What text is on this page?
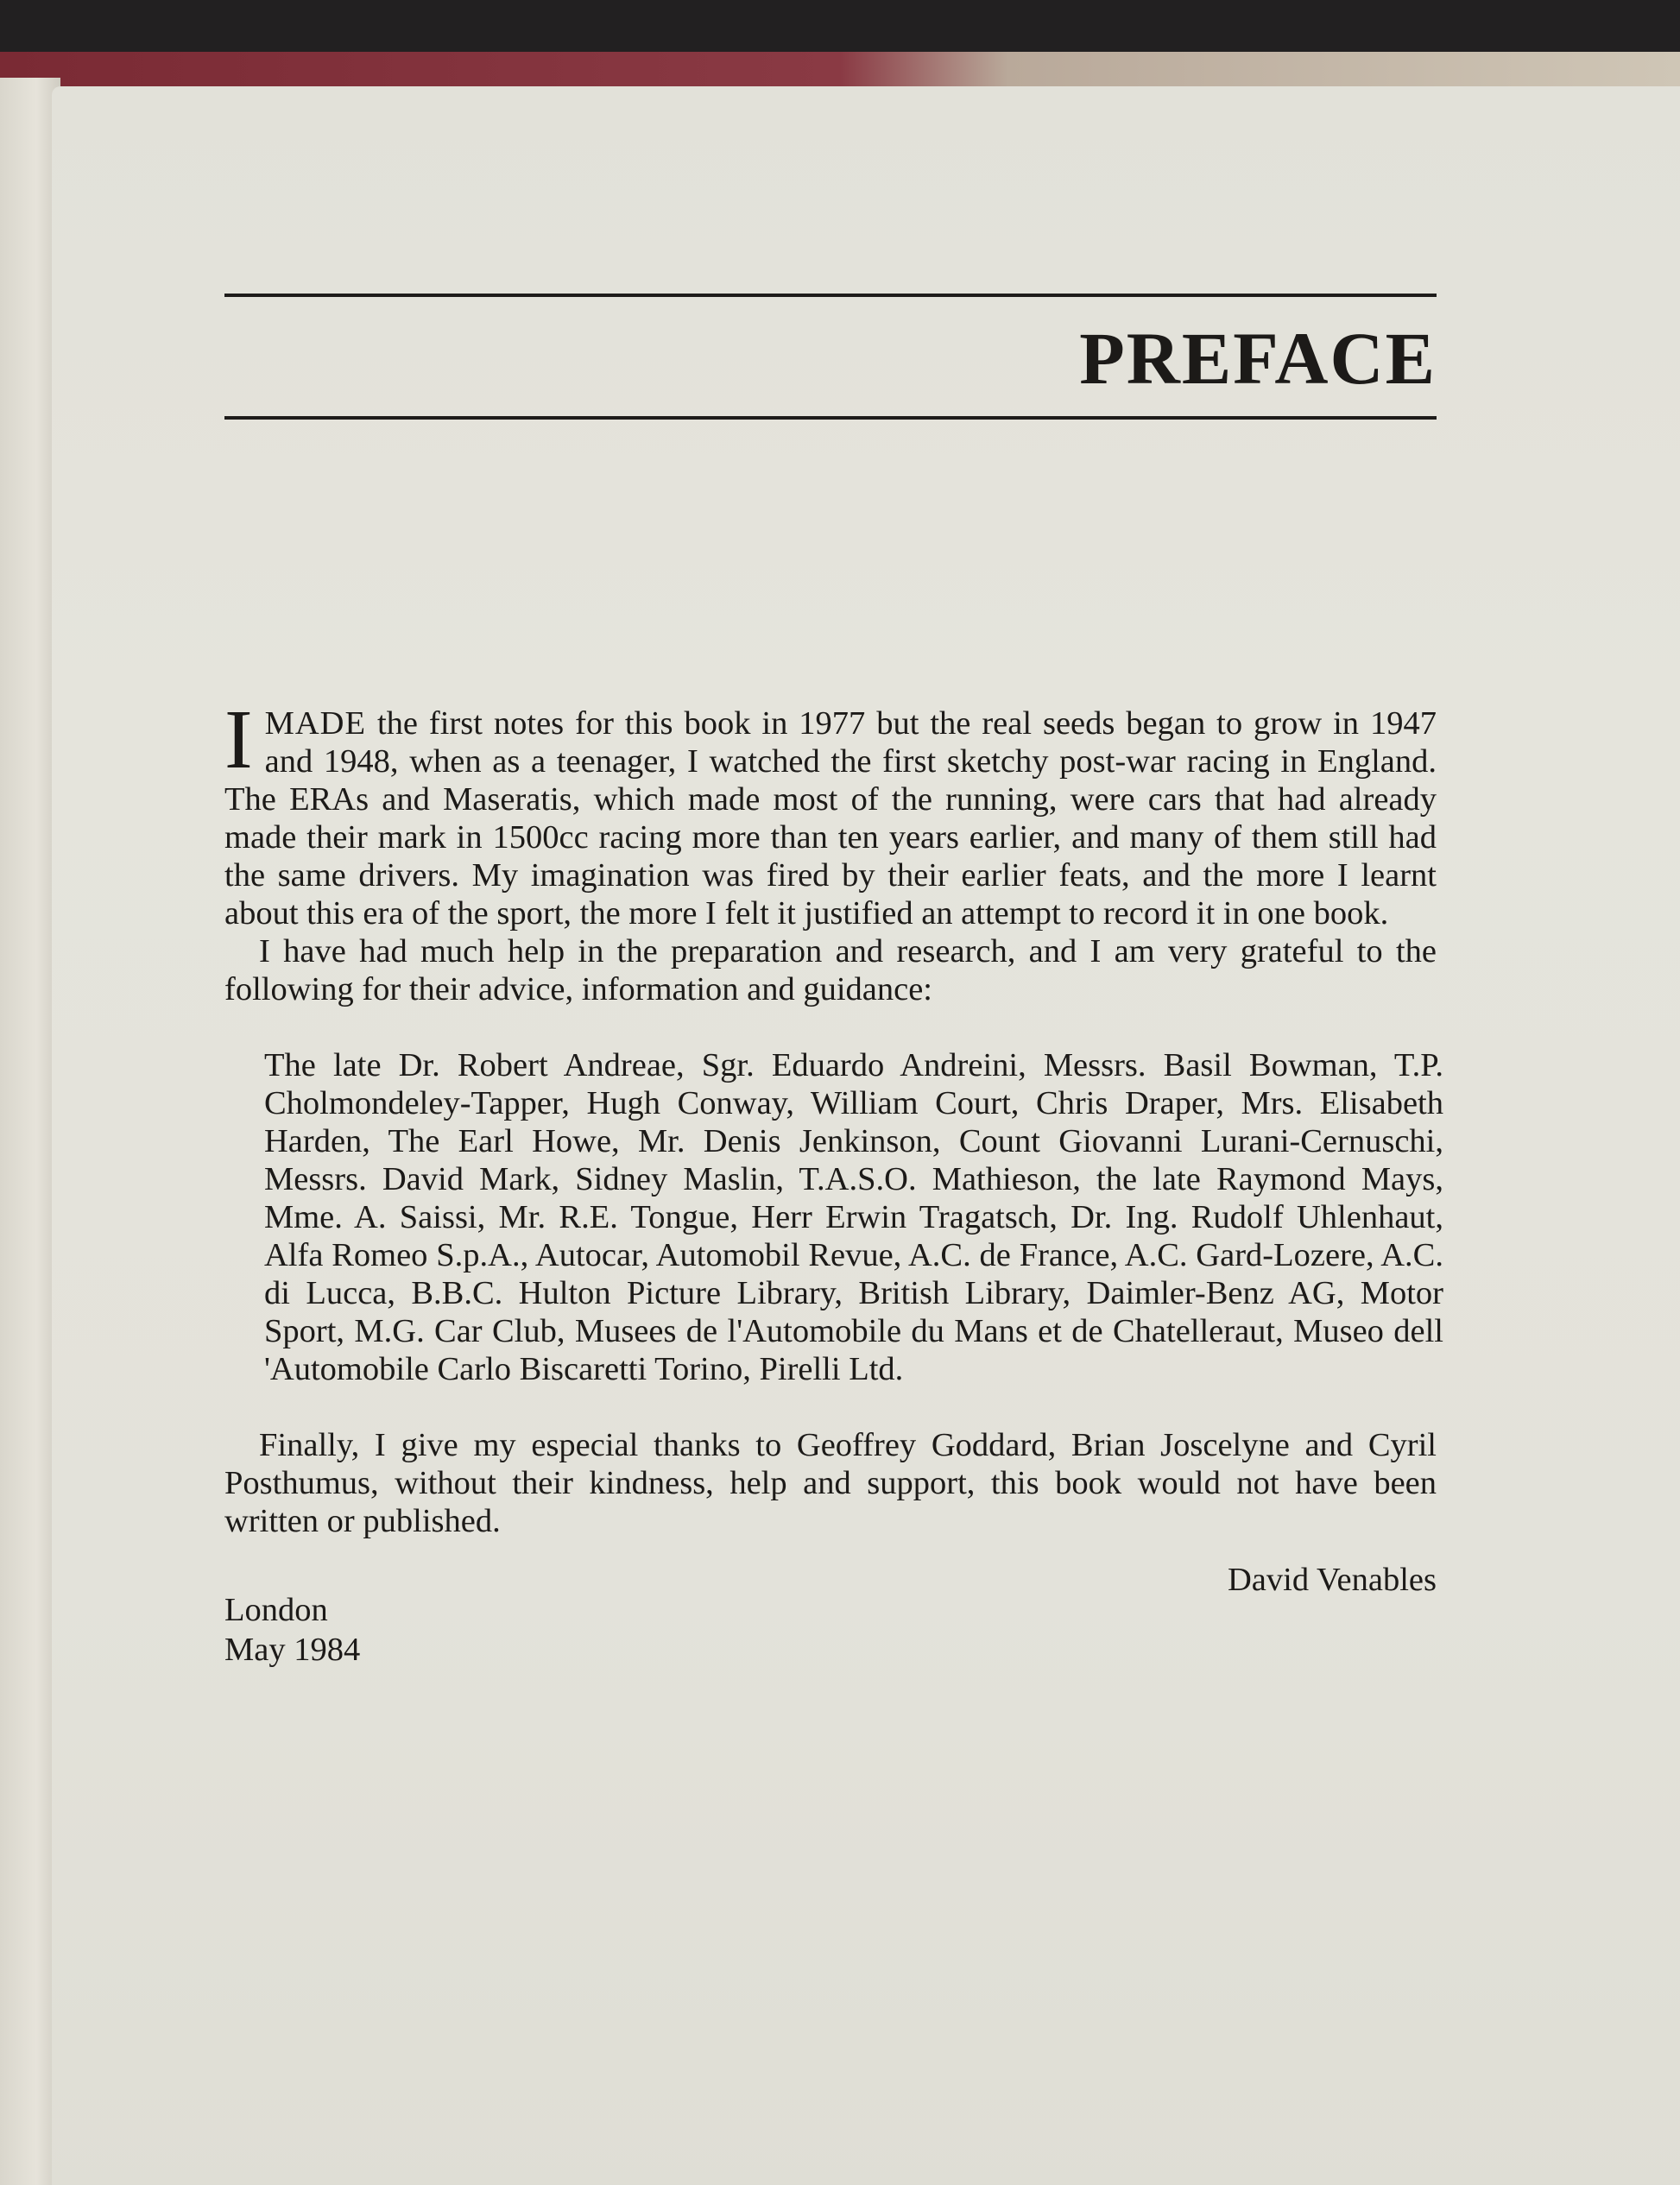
PREFACE

IMADE the first notes for this book in 1977 but the real seeds began to grow in 1947 and 1948, when as a teenager, I watched the first sketchy post-war racing in England. The ERAs and Maseratis, which made most of the running, were cars that had already made their mark in 1500cc racing more than ten years earlier, and many of them still had the same drivers. My imagination was fired by their earlier feats, and the more I learnt about this era of the sport, the more I felt it justified an attempt to record it in one book.

I have had much help in the preparation and research, and I am very grateful to the following for their advice, information and guidance:

The late Dr. Robert Andreae, Sgr. Eduardo Andreini, Messrs. Basil Bowman, T.P. Cholmondeley-Tapper, Hugh Conway, William Court, Chris Draper, Mrs. Elisabeth Harden, The Earl Howe, Mr. Denis Jenkinson, Count Giovanni Lurani-Cernuschi, Messrs. David Mark, Sidney Maslin, T.A.S.O. Mathieson, the late Raymond Mays, Mme. A. Saissi, Mr. R.E. Tongue, Herr Erwin Tragatsch, Dr. Ing. Rudolf Uhlenhaut, Alfa Romeo S.p.A., Autocar, Automobil Revue, A.C. de France, A.C. Gard-Lozere, A.C. di Lucca, B.B.C. Hulton Picture Library, British Library, Daimler-Benz AG, Motor Sport, M.G. Car Club, Musees de l'Automobile du Mans et de Chatelleraut, Museo dell 'Automobile Carlo Biscaretti Torino, Pirelli Ltd.

Finally, I give my especial thanks to Geoffrey Goddard, Brian Joscelyne and Cyril Posthumus, without their kindness, help and support, this book would not have been written or published.

David Venables
London
May 1984
